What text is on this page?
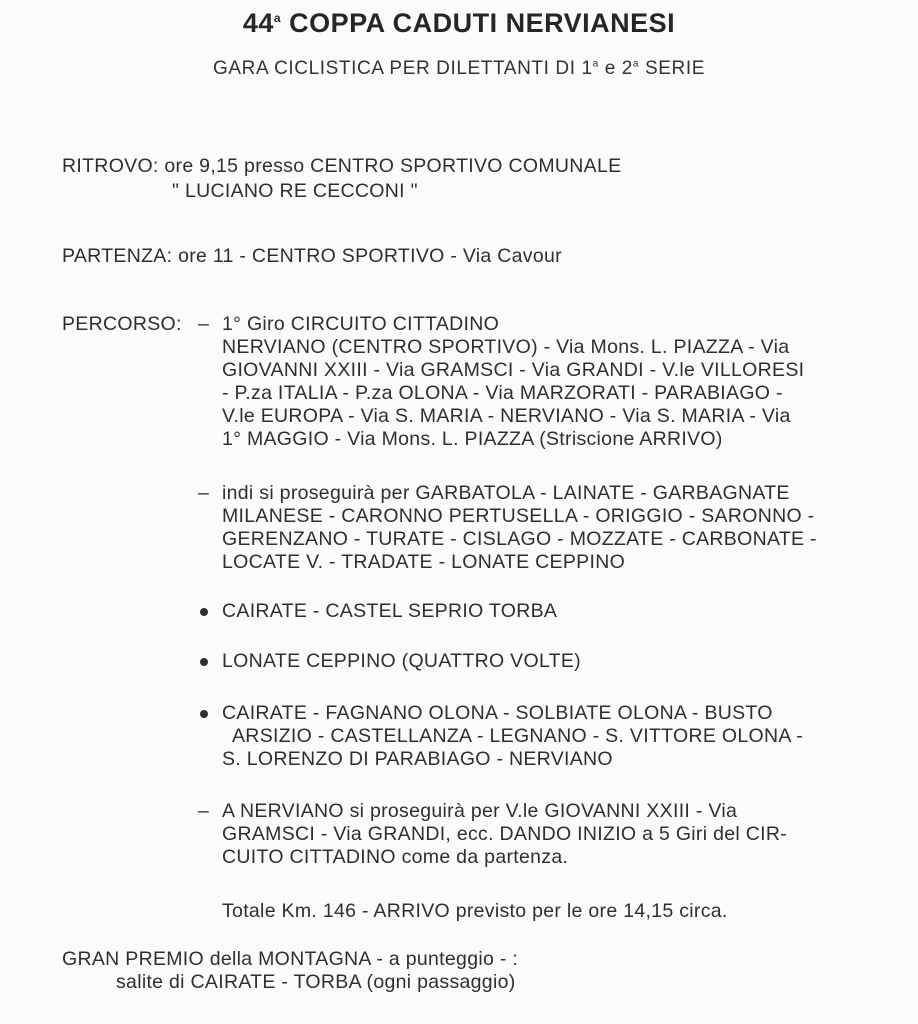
44$^a$ COPPA CADUTI NERVIANESI
GARA CICLISTICA PER DILETTANTI DI 1$^a$ e 2$^a$ SERIE
RITROVO: ore 9,15 presso CENTRO SPORTIVO COMUNALE
" LUCIANO RE CECCONI "
PARTENZA: ore 11 - CENTRO SPORTIVO - Via Cavour
PERCORSO: – 1° Giro CIRCUITO CITTADINO
NERVIANO (CENTRO SPORTIVO) - Via Mons. L. PIAZZA - Via
GIOVANNI XXIII - Via GRAMSCI - Via GRANDI - V.le VILLORESI
- P.za ITALIA - P.za OLONA - Via MARZORATI - PARABIAGO -
V.le EUROPA - Via S. MARIA - NERVIANO - Via S. MARIA - Via
1° MAGGIO - Via Mons. L. PIAZZA (Striscione ARRIVO)
– indi si proseguirà per GARBATOLA - LAINATE - GARBAGNATE
MILANESE - CARONNO PERTUSELLA - ORIGGIO - SARONNO -
GERENZANO - TURATE - CISLAGO - MOZZATE - CARBONATE -
LOCATE V. - TRADATE - LONATE CEPPINO
CAIRATE - CASTEL SEPRIO TORBA
LONATE CEPPINO (QUATTRO VOLTE)
CAIRATE - FAGNANO OLONA - SOLBIATE OLONA - BUSTO
ARSIZIO - CASTELLANZA - LEGNANO - S. VITTORE OLONA -
S. LORENZO DI PARABIAGO - NERVIANO
– A NERVIANO si proseguirà per V.le GIOVANNI XXIII - Via
GRAMSCI - Via GRANDI, ecc. DANDO INIZIO a 5 Giri del CIR-
CUITO CITTADINO come da partenza.
Totale Km. 146 - ARRIVO previsto per le ore 14,15 circa.
GRAN PREMIO della MONTAGNA - a punteggio - :
salite di CAIRATE - TORBA (ogni passaggio)
